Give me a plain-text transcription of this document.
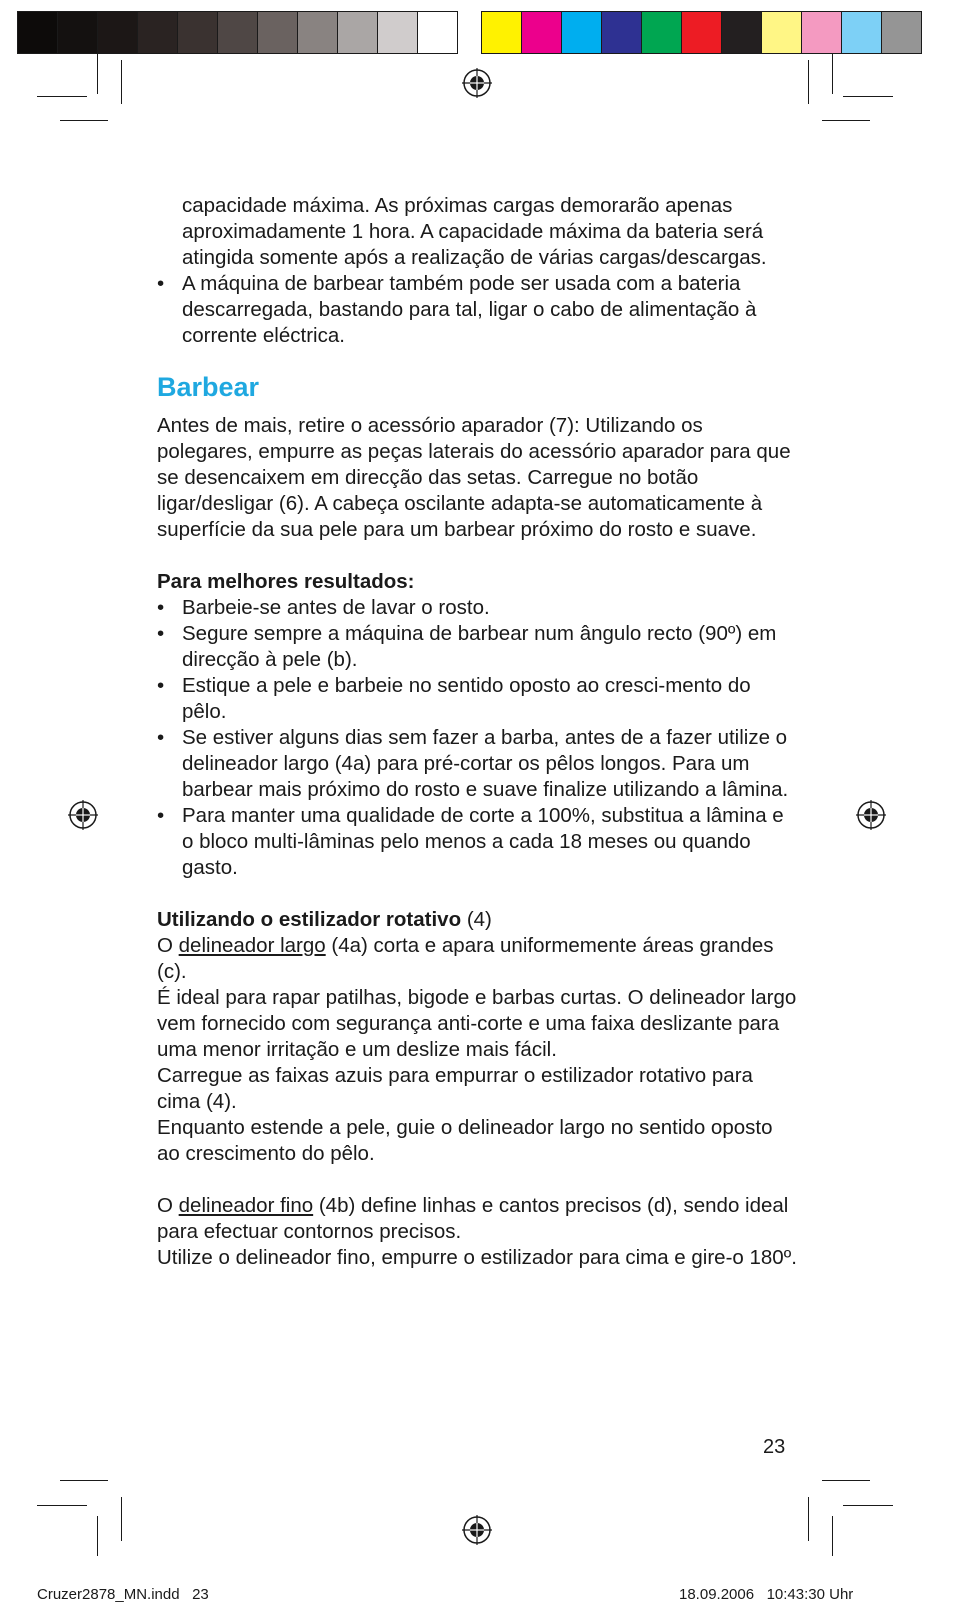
capacidade máxima. As próximas cargas demorarão apenas aproximadamente 1 hora. A capacidade máxima da bateria será atingida somente após a realização de várias cargas/descargas.

• A máquina de barbear também pode ser usada com a bateria descarregada, bastando para tal, ligar o cabo de alimentação à corrente eléctrica.

Barbear

Antes de mais, retire o acessório aparador (7): Utilizando os polegares, empurre as peças laterais do acessório aparador para que se desencaixem em direcção das setas. Carregue no botão ligar/desligar (6). A cabeça oscilante adapta-se automaticamente à superfície da sua pele para um barbear próximo do rosto e suave.

Para melhores resultados:

• Barbeie-se antes de lavar o rosto.

• Segure sempre a máquina de barbear num ângulo recto (90º) em direcção à pele (b).

• Estique a pele e barbeie no sentido oposto ao cresci-mento do pêlo.

• Se estiver alguns dias sem fazer a barba, antes de a fazer utilize o delineador largo (4a) para pré-cortar os pêlos longos. Para um barbear mais próximo do rosto e suave finalize utilizando a lâmina.

• Para manter uma qualidade de corte a 100%, substitua a lâmina e o bloco multi-lâminas pelo menos a cada 18 meses ou quando gasto.

Utilizando o estilizador rotativo (4)

O delineador largo (4a) corta e apara uniformemente áreas grandes (c).

É ideal para rapar patilhas, bigode e barbas curtas. O delineador largo vem fornecido com segurança anti-corte e uma faixa deslizante para uma menor irritação e um deslize mais fácil.

Carregue as faixas azuis para empurrar o estilizador rotativo para cima (4).

Enquanto estende a pele, guie o delineador largo no sentido oposto ao crescimento do pêlo.

O delineador fino (4b) define linhas e cantos precisos (d), sendo ideal para efectuar contornos precisos.

Utilize o delineador fino, empurre o estilizador para cima e gire-o 180º.

23
Cruzer2878_MN.indd   23	18.09.2006   10:43:30 Uhr
